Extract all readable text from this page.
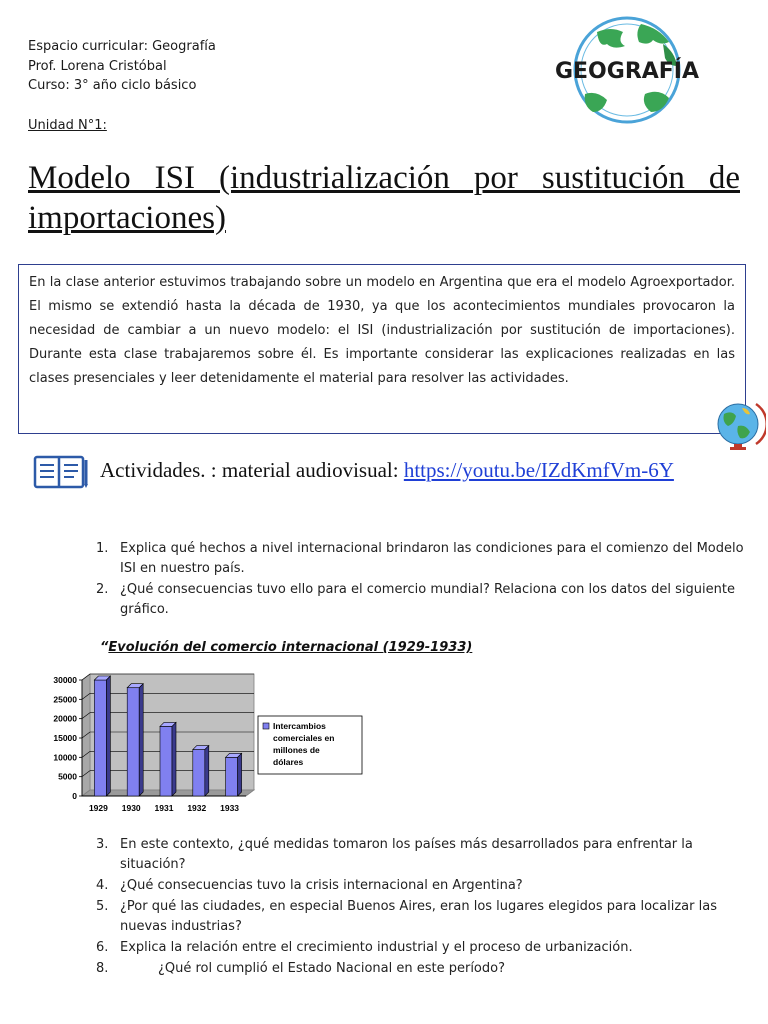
Espacio curricular: Geografía
Prof. Lorena Cristóbal
Curso: 3° año ciclo básico
Unidad N°1:
GEOGRAFÍA
Modelo ISI (industrialización por sustitución de importaciones)
En la clase anterior estuvimos trabajando sobre un modelo en Argentina que era el modelo Agroexportador. El mismo se extendió hasta la década de 1930, ya que los acontecimientos mundiales provocaron la necesidad de cambiar a un nuevo modelo: el ISI (industrialización por sustitución de importaciones). Durante esta clase trabajaremos sobre él. Es importante considerar las explicaciones realizadas en las clases presenciales y leer detenidamente el material para resolver las actividades.
Actividades. : material audiovisual: https://youtu.be/IZdKmfVm-6Y
1. Explica qué hechos a nivel internacional brindaron las condiciones para el comienzo del Modelo ISI en nuestro país.
2. ¿Qué consecuencias tuvo ello para el comercio mundial? Relaciona con los datos del siguiente gráfico.
“Evolución del comercio internacional (1929-1933)
0
5000
10000
15000
20000
25000
30000
1929 1930 1931 1932 1933
Intercambios
comerciales en
millones de
dólares
3. En este contexto, ¿qué medidas tomaron los países más desarrollados para enfrentar la situación?
4. ¿Qué consecuencias tuvo la crisis internacional en Argentina?
5. ¿Por qué las ciudades, en especial Buenos Aires, eran los lugares elegidos para localizar las nuevas industrias?
6. Explica la relación entre el crecimiento industrial y el proceso de urbanización.
8.	¿Qué rol cumplió el Estado Nacional en este período?
